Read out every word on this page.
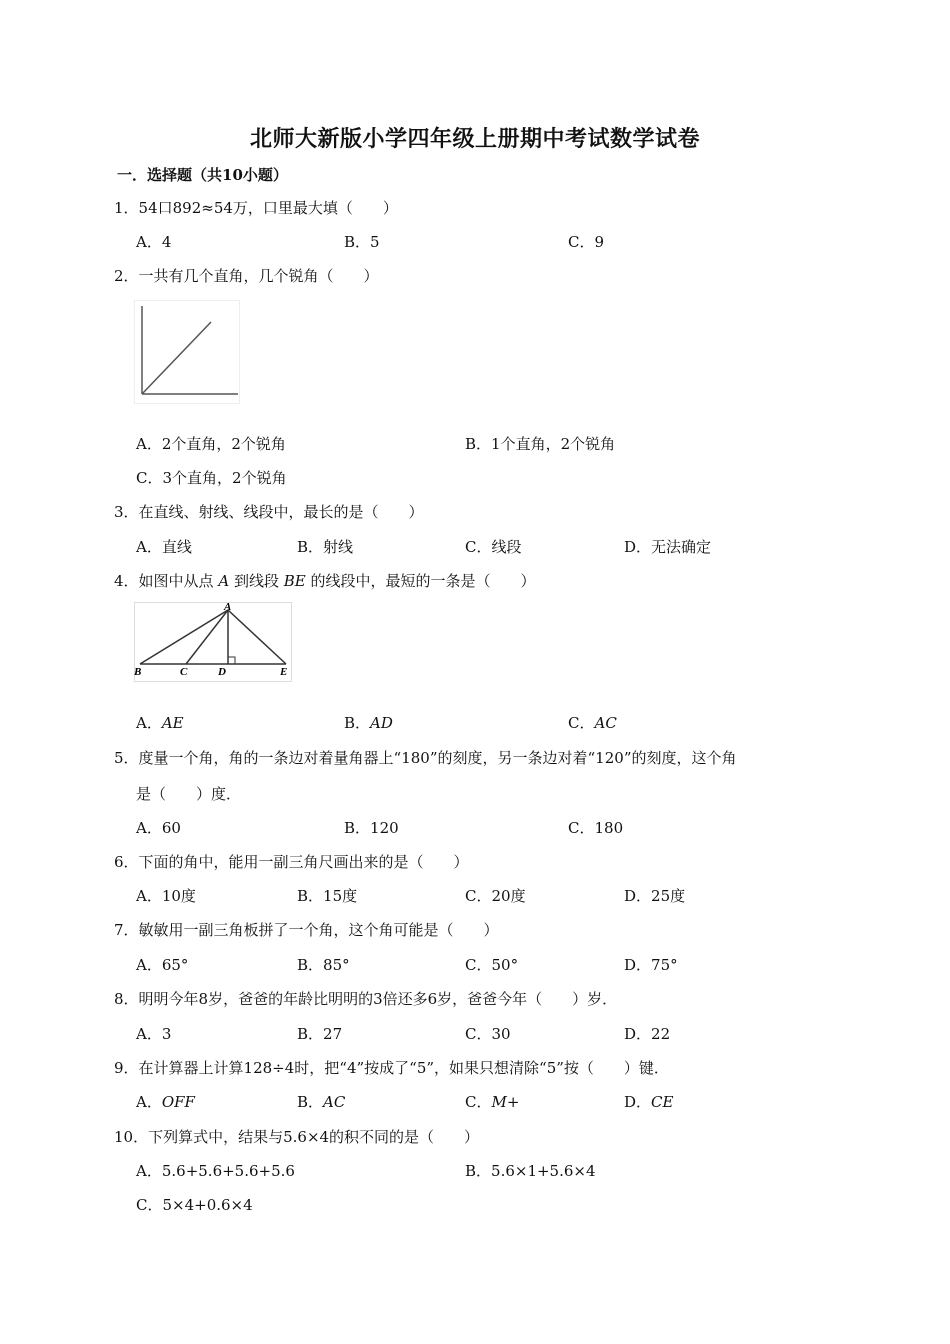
北师大新版小学四年级上册期中考试数学试卷
一．选择题（共10小题）
1．54口892≈54万，口里最大填（　　）
A．4	B．5	C．9
2．一共有几个直角，几个锐角（　　）
A．2个直角，2个锐角	B．1个直角，2个锐角
C．3个直角，2个锐角
3．在直线、射线、线段中，最长的是（　　）
A．直线	B．射线	C．线段	D．无法确定
4．如图中从点 A 到线段 BE 的线段中，最短的一条是（　　）
A
B	C	D	E
A．AE	B．AD	C．AC
5．度量一个角，角的一条边对着量角器上“180”的刻度，另一条边对着“120”的刻度，这个角
是（　　）度．
A．60	B．120	C．180
6．下面的角中，能用一副三角尺画出来的是（　　）
A．10度	B．15度	C．20度	D．25度
7．敏敏用一副三角板拼了一个角，这个角可能是（　　）
A．65°	B．85°	C．50°	D．75°
8．明明今年8岁，爸爸的年龄比明明的3倍还多6岁，爸爸今年（　　）岁．
A．3	B．27	C．30	D．22
9．在计算器上计算128÷4时，把“4”按成了“5”，如果只想清除“5”按（　　）键．
A．OFF	B．AC	C．M+	D．CE
10．下列算式中，结果与5.6×4的积不同的是（　　）
A．5.6+5.6+5.6+5.6	B．5.6×1+5.6×4
C．5×4+0.6×4
